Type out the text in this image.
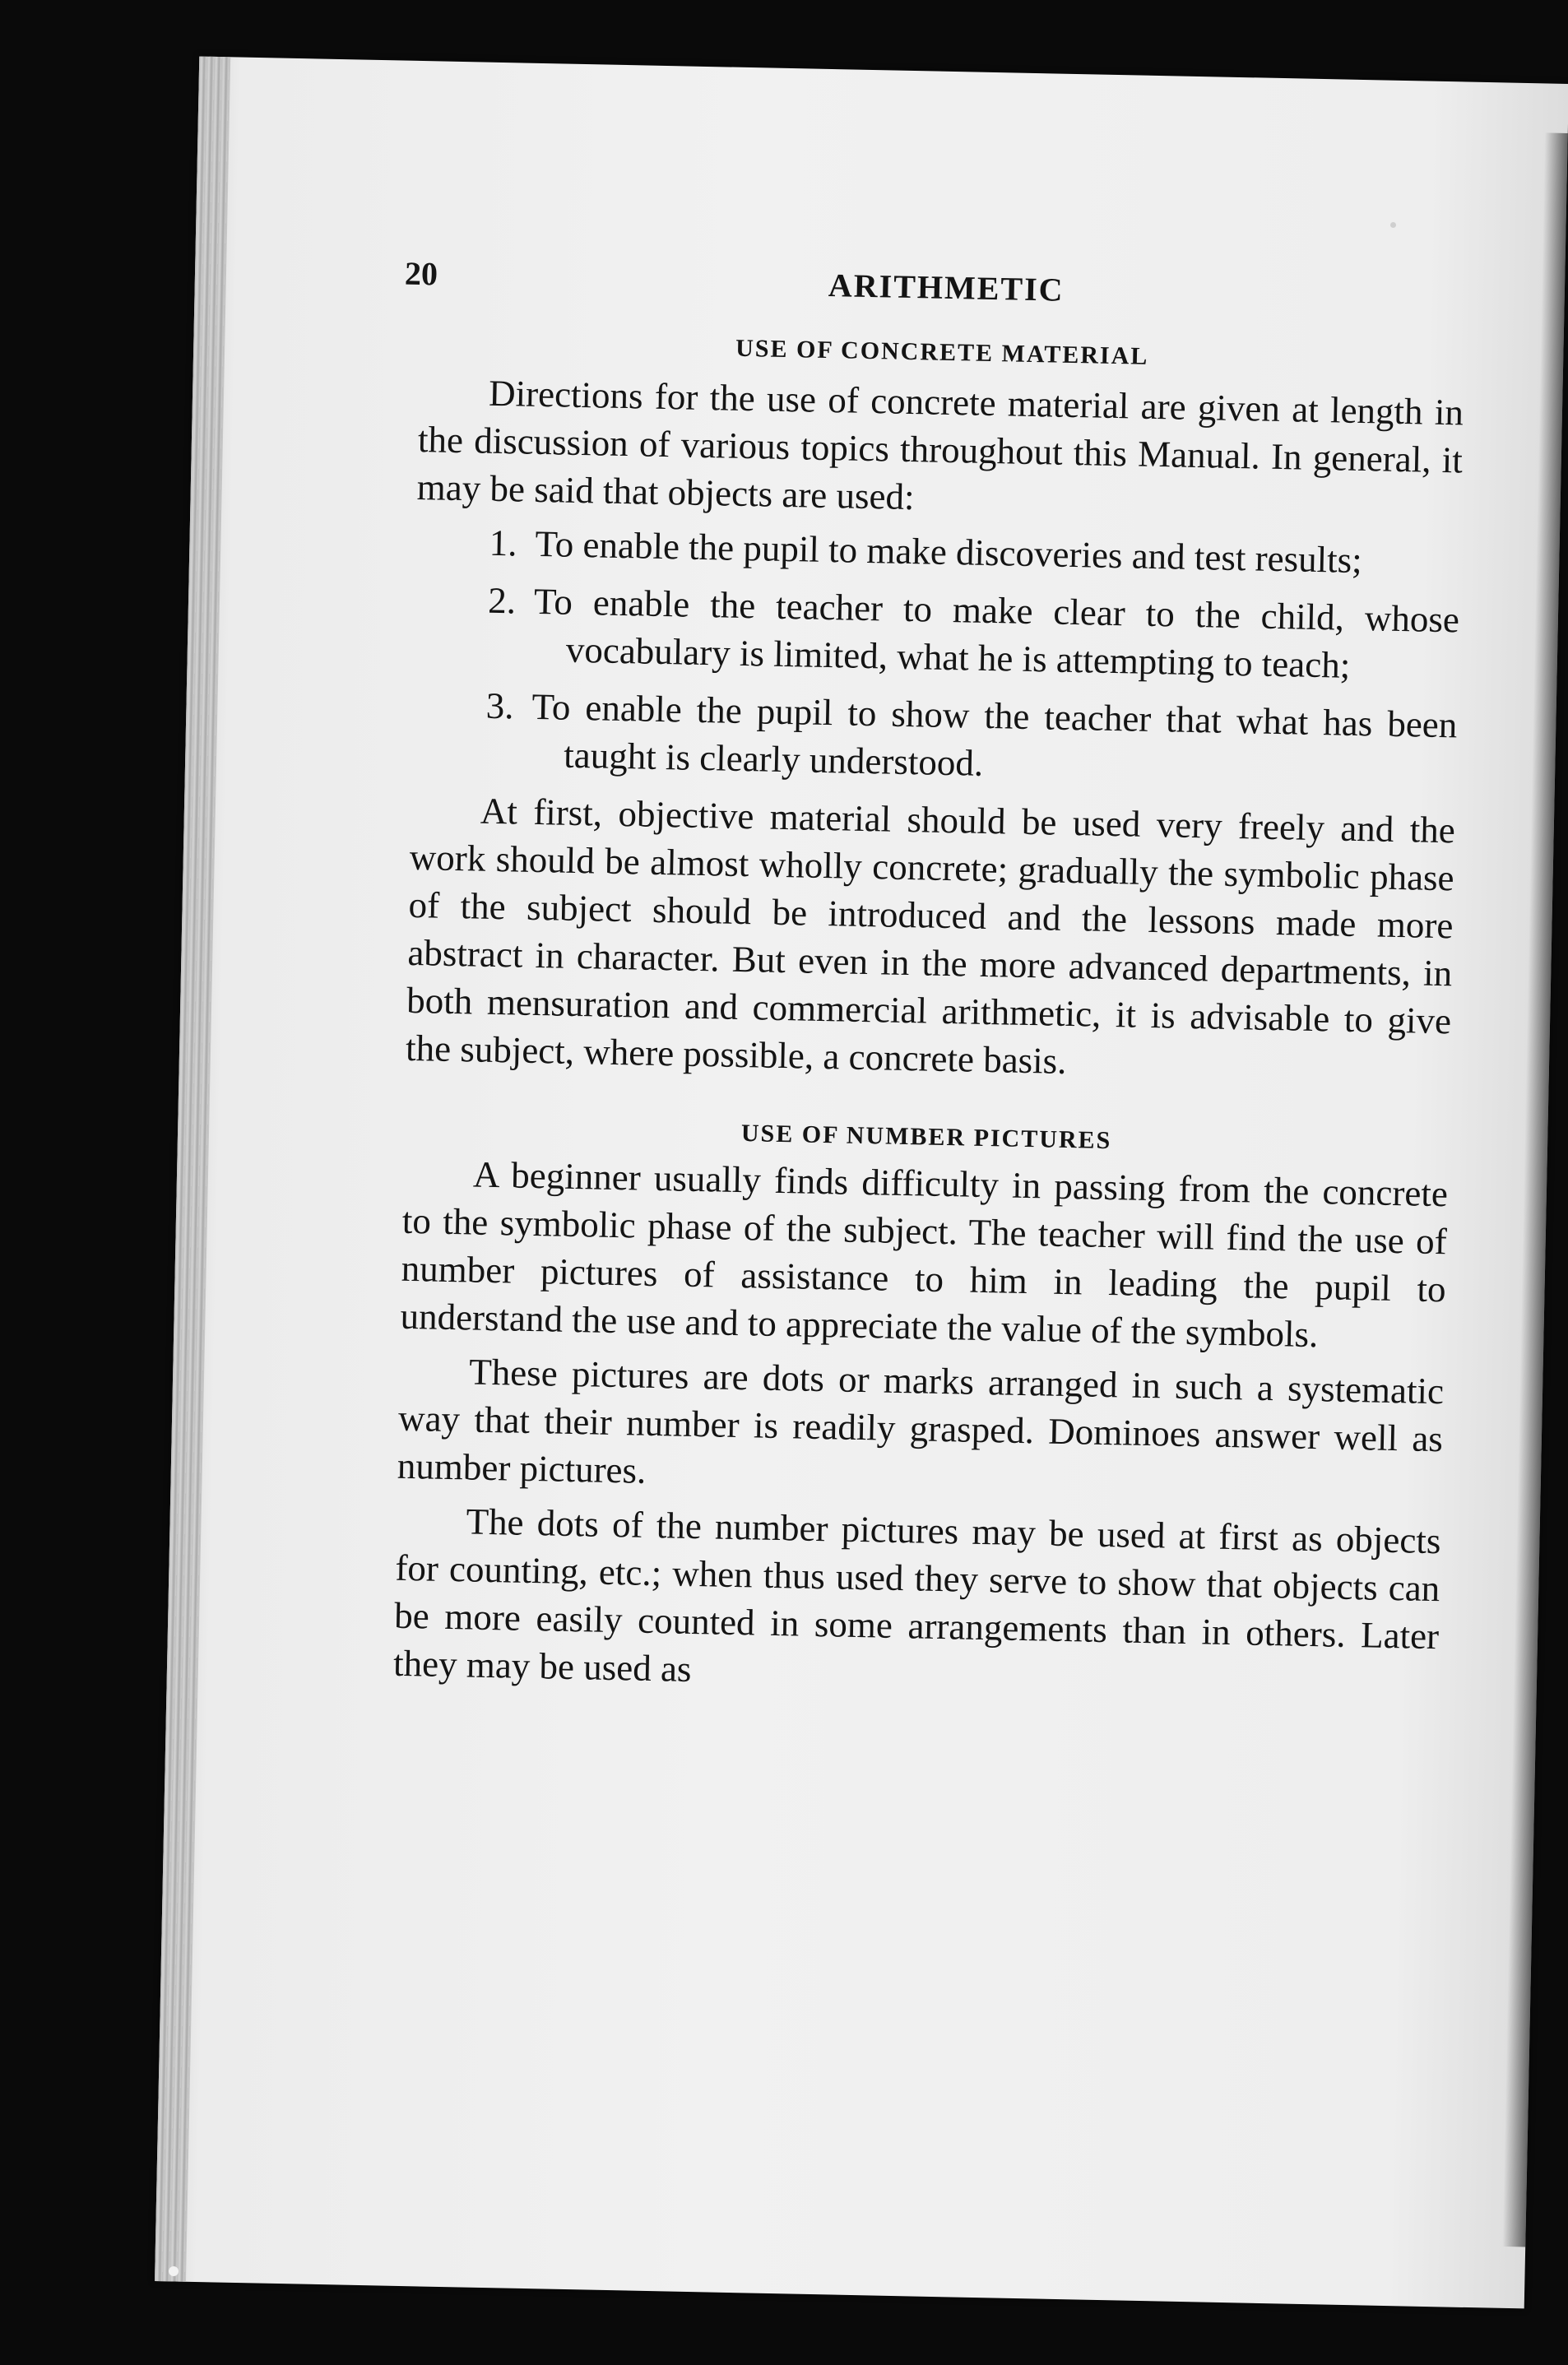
20	ARITHMETIC
USE OF CONCRETE MATERIAL

Directions for the use of concrete material are given at length in the discussion of various topics throughout this Manual. In general, it may be said that objects are used:

1. To enable the pupil to make discoveries and test results;
2. To enable the teacher to make clear to the child, whose vocabulary is limited, what he is attempting to teach;
3. To enable the pupil to show the teacher that what has been taught is clearly understood.

At first, objective material should be used very freely and the work should be almost wholly concrete; gradually the symbolic phase of the subject should be introduced and the lessons made more abstract in character. But even in the more advanced departments, in both mensuration and commercial arithmetic, it is advisable to give the subject, where possible, a concrete basis.

USE OF NUMBER PICTURES

A beginner usually finds difficulty in passing from the concrete to the symbolic phase of the subject. The teacher will find the use of number pictures of assistance to him in leading the pupil to understand the use and to appreciate the value of the symbols.

These pictures are dots or marks arranged in such a systematic way that their number is readily grasped. Dominoes answer well as number pictures.

The dots of the number pictures may be used at first as objects for counting, etc.; when thus used they serve to show that objects can be more easily counted in some arrangements than in others. Later they may be used as
